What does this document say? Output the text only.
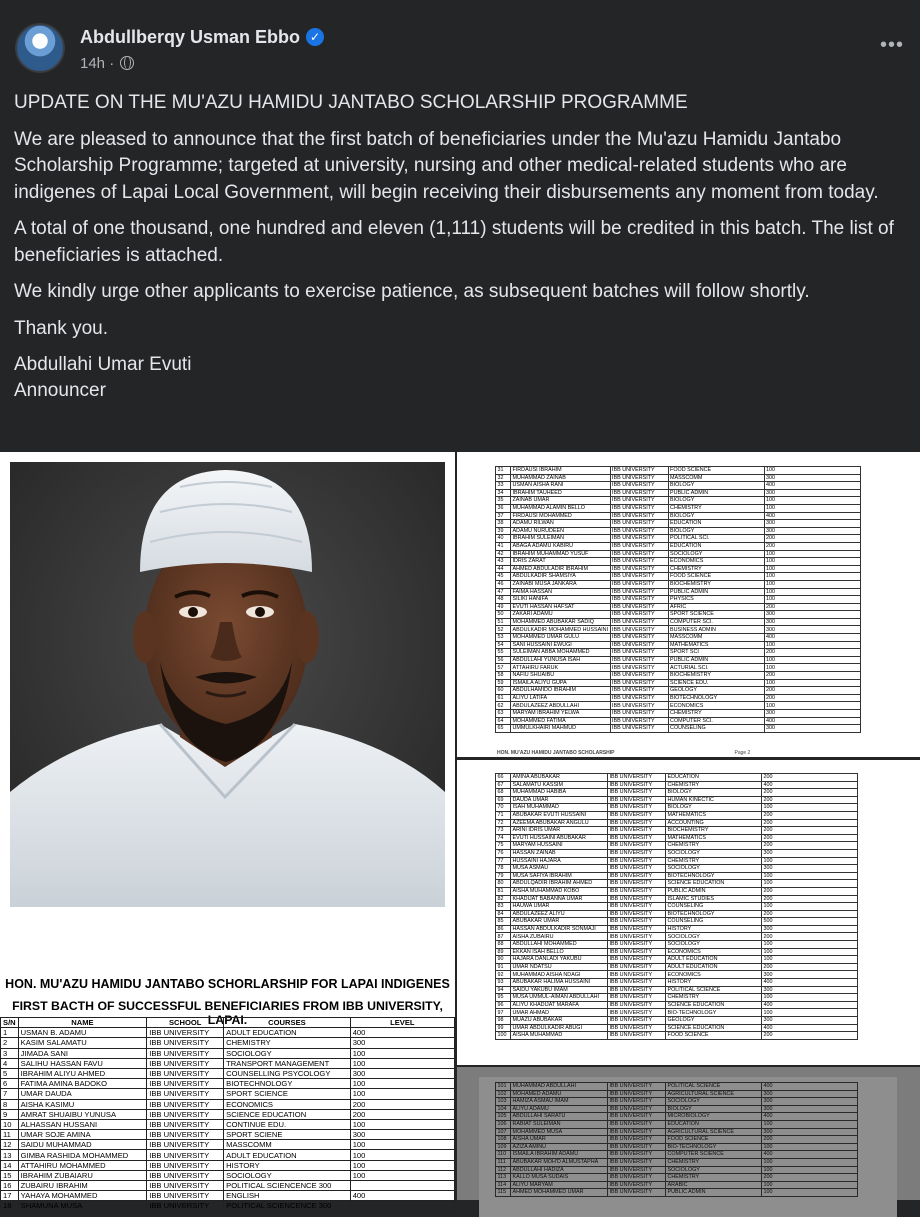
Abdullberqy Usman Ebbo ✓
14h ·
•••

UPDATE ON THE MU'AZU HAMIDU JANTABO SCHOLARSHIP PROGRAMME

We are pleased to announce that the first batch of beneficiaries under the Mu'azu Hamidu Jantabo Scholarship Programme; targeted at university, nursing and other medical-related students who are indigenes of Lapai Local Government, will begin receiving their disbursements any moment from today.

A total of one thousand, one hundred and eleven (1,111) students will be credited in this batch. The list of beneficiaries is attached.

We kindly urge other applicants to exercise patience, as subsequent batches will follow shortly.

Thank you.

Abdullahi Umar Evuti

Announcer

HON. MU'AZU HAMIDU JANTABO SCHORLARSHIP FOR LAPAI INDIGENES
FIRST BACTH OF SUCCESSFUL BENEFICIARIES FROM IBB UNIVERSITY, LAPAI.
S/N	NAME	SCHOOL	COURSES	LEVEL
1	USMAN B. ADAMU	IBB UNIVERSITY	ADULT EDUCATION	400
2	KASIM SALAMATU	IBB UNIVERSITY	CHEMISTRY	300
3	JIMADA SANI	IBB UNIVERSITY	SOCIOLOGY	100
4	SALIHU HASSAN FAVU	IBB UNIVERSITY	TRANSPORT MANAGEMENT	100
5	IBRAHIM ALIYU AHMED	IBB UNIVERSITY	COUNSELLING PSYCOLOGY	300
6	FATIMA AMINA BADOKO	IBB UNIVERSITY	BIOTECHNOLOGY	100
7	UMAR DAUDA	IBB UNIVERSITY	SPORT SCIENCE	100
8	AISHA KASIMU	IBB UNIVERSITY	ECONOMICS	200
9	AMRAT SHUAIBU YUNUSA	IBB UNIVERSITY	SCIENCE EDUCATION	200
10	ALHASSAN HUSSANI	IBB UNIVERSITY	CONTINUE EDU.	100
11	UMAR SOJE AMINA	IBB UNIVERSITY	SPORT SCIENE	300
12	SAIDU MUHAMMAD	IBB UNIVERSITY	MASSCOMM	100
13	GIMBA RASHIDA MOHAMMED	IBB UNIVERSITY	ADULT EDUCATION	100
14	ATTAHIRU MOHAMMED	IBB UNIVERSITY	HISTORY	100
15	IBRAHIM ZUBAIARU	IBB UNIVERSITY	SOCIOLOGY	100
16	ZUBAIRU IBRAHIM	IBB UNIVERSITY	POLITICAL SCIENCENCE 300	
17	YAHAYA MOHAMMED	IBB UNIVERSITY	ENGLISH	400
18	SHAMUNA MUSA	IBB UNIVERSITY	POLITICAL SCIENCENCE 300	
31	FIRDAUSI IBRAHIM	IBB UNIVERSITY	FOOD SCIENCE	100
32	MUHAMMAD ZAINAB	IBB UNIVERSITY	MASSCOMM	300
33	USMAN AISHA RANI	IBB UNIVERSITY	BIOLOGY	400
34	IBRAHIM TAUHEED	IBB UNIVERSITY	PUBLIC ADMIN	300
35	ZAINAB UMAR	IBB UNIVERSITY	BIOLOGY	100
36	MUHAMMAD ALAMIN BELLO	IBB UNIVERSITY	CHEMISTRY	100
37	FIRDAUSI MOHAMMED	IBB UNIVERSITY	BIOLOGY	400
38	ADAMU RILWAN	IBB UNIVERSITY	EDUCATION	300
39	ADAMU NURUDEEN	IBB UNIVERSITY	BIOLOGY	300
40	IBRAHIM SULEIMAN	IBB UNIVERSITY	POLITICAL SCI.	200
41	ABAGA ADAMU KABIRU	IBB UNIVERSITY	EDUCATION	200
42	IBRAHIM MUHAMMAD YUSUF	IBB UNIVERSITY	SOCIOLOGY	100
43	IDRIS ZARAT	IBB UNIVERSITY	ECONOMICS	100
44	AHMED ABDULADIR IBRAHIM	IBB UNIVERSITY	CHEMISTRY	100
45	ABDULKADIR SHAMSIYA	IBB UNIVERSITY	FOOD SCIENCE	100
46	ZAINABI MUSA JANKARA	IBB UNIVERSITY	BIOCHEMISTRY	100
47	FAIMA HASSAN	IBB UNIVERSITY	PUBLIC ADMIN	100
48	SILIKI HANIFA	IBB UNIVERSITY	PHYSICS	100
49	EVUTI HASSAN HAFSAT	IBB UNIVERSITY	AFRIC	200
50	ZAKARI ADAMU	IBB UNIVERSITY	SPORT SCIENCE	300
51	MOHAMMED ABUBAKAR SADIQ	IBB UNIVERSITY	COMPUTER SCI.	300
52	ABDULKADIR MOHAMMED HUSSAINI	IBB UNIVERSITY	BUSINESS ADMIN	300
53	MOHAMMED UMAR GULU	IBB UNIVERSITY	MASSCOMM	400
54	SANI HUSSAINI EWUGI	IBB UNIVERSITY	MATHEMATICS	100
55	SULEIMAN ABBA MOHAMMED	IBB UNIVERSITY	SPORT SCI	200
56	ABDULLAHI YUNUSA ISAH	IBB UNIVERSITY	PUBLIC ADMIN	100
57	ATTAHIRU FARUK	IBB UNIVERSITY	ACTURIAL SCI.	100
58	NAFIU SHUAIBU	IBB UNIVERSITY	BIOCHEMISTRY	200
59	ISMAILA ALIYU GUPA	IBB UNIVERSITY	SCIENCE EDU.	100
60	ABDULHAMIDO IBRAHIM	IBB UNIVERSITY	GEOLOGY	200
61	ALIYU LATIFA	IBB UNIVERSITY	BIOTECHNOLOGY	200
62	ABDULAZEEZ ABDULLAHI	IBB UNIVERSITY	ECONOMICS	100
63	MARYAM IBRAHIM YELWA	IBB UNIVERSITY	CHEMISTRY	300
64	MOHAMMED FATIMA	IBB UNIVERSITY	COMPUTER SCI.	400
65	UMMULKHAIRI MAHMUD	IBB UNIVERSITY	COUNSELING	300
HON. MU'AZU HAMIDU JANTABO SCHOLARSHIP	Page 2
66	AMINA ABUBAKAR	IBB UNIVERSITY	EDUCATION	200
67	SALAMATU KASSIM	IBB UNIVERSITY	CHEMISTRY	400
68	MUHAMMAD HABIBA	IBB UNIVERSITY	BIOLOGY	200
69	DAUDA UMAR	IBB UNIVERSITY	HUMAN KINECTIC	200
70	ISAH MUHAMMAD	IBB UNIVERSITY	BIOLOGY	100
71	ABUBAKAR EVUTI HUSSAINI	IBB UNIVERSITY	MATHEMATICS	200
72	AZEEMA ABUBAKAR ANGULU	IBB UNIVERSITY	ACCOUNTING	200
73	ARINI IDRIS UMAR	IBB UNIVERSITY	BIOCHEMISTRY	200
74	EVUTI HUSSAINI ABUBAKAR	IBB UNIVERSITY	MATHEMATICS	200
75	MARYAM HUSSAINI	IBB UNIVERSITY	CHEMISTRY	200
76	HASSAN ZAINAB	IBB UNIVERSITY	SOCIOLOGY	300
77	HUSSAINI HAJARA	IBB UNIVERSITY	CHEMISTRY	100
78	MUSA ASMAU	IBB UNIVERSITY	SOCIOLOGY	300
79	MUSA SAFIYA IBRAHIM	IBB UNIVERSITY	BIOTECHNOLOGY	100
80	ABDULQADIR IBRAHIM AHMED	IBB UNIVERSITY	SCIENCE EDUCATION	100
81	AISHA MUHAMMAD KOBO	IBB UNIVERSITY	PUBLIC ADMIN	200
82	KHADIJAT BABANNA UMAR	IBB UNIVERSITY	ISLAMIC STUDIES	200
83	HAUWA UMAR	IBB UNIVERSITY	COUNSELING	100
84	ABDULAZEEZ ALIYU	IBB UNIVERSITY	BIOTECHNOLOGY	200
85	ABUBAKAR UMAR	IBB UNIVERSITY	COUNSELING	500
86	HASSAN ABDULKADIR SONMAJI	IBB UNIVERSITY	HISTORY	300
87	AISHA ZUBAIRU	IBB UNIVERSITY	SOCIOLOGY	200
88	ABDULLAHI MOHAMMED	IBB UNIVERSITY	SOCIOLOGY	100
89	EKKAN ISAH BELLO	IBB UNIVERSITY	ECONOMICS	100
90	HAJARA DANLADI YAKUBU	IBB UNIVERSITY	ADULT EDUCATION	100
91	UMAR NDATSU	IBB UNIVERSITY	ADULT EDUCATION	200
92	MUHAMMAD AISHA NDAGI	IBB UNIVERSITY	ECONOMICS	300
93	ABUBAKAR HALIMA HUSSAINI	IBB UNIVERSITY	HISTORY	400
94	SAIDU YAKUBU IMAM	IBB UNIVERSITY	POLITICAL SCIENCE	300
95	MUSA UMMUL-AIMAN ABDULLAHI	IBB UNIVERSITY	CHEMISTRY	100
96	ALIYU KHADIJAT MARAFA	IBB UNIVERSITY	SCIENCE EDUCATION	400
97	UMAR AHMAD	IBB UNIVERSITY	BIO-TECHNOLOGY	100
98	MUAZU ABUBAKAR	IBB UNIVERSITY	GEOLOGY	300
99	UMAR ABDULKADIR ABUGI	IBB UNIVERSITY	SCIENCE EDUCATION	400
100	AISHA MUHAMMAD	IBB UNIVERSITY	FOOD SCIENCE	200
101	MUHAMMAD ABDULLAHI	IBB UNIVERSITY	POLITICAL SCIENCE	400
102	MOHAMED ADAMU	IBB UNIVERSITY	AGRICULTURAL SCIENCE	300
103	HAMIZA ASMAU IMAM	IBB UNIVERSITY	SOCIOLOGY	300
104	ALIYU ADAMU	IBB UNIVERSITY	BIOLOGY	300
105	ABDULLAHI SARATU	IBB UNIVERSITY	MICROBIOLOGY	400
106	RABIAT SULEIMAN	IBB UNIVERSITY	EDUCATION	100
107	MOHAMMED MUSA	IBB UNIVERSITY	AGRICULTURAL SCIENCE	300
108	AISHA UMAR	IBB UNIVERSITY	FOOD SCIENCE	200
109	AZIZA AMINU	IBB UNIVERSITY	BIO-TECHNOLOGY	100
110	ISMAILA IBRAHIM ADAMU	IBB UNIVERSITY	COMPUTER SCIENCE	400
111	ABUBAKAR MOH'D ALMUSTAPHA	IBB UNIVERSITY	CHEMISTRY	100
112	ABDULLAHI HADIZA	IBB UNIVERSITY	SOCIOLOGY	100
113	KALLO MUSA SUDAIS	IBB UNIVERSITY	CHEMISTRY	200
114	ALIYU MARYAM	IBB UNIVERSITY	ARABIC	100
115	AHMED MOHAMMED UMAR	IBB UNIVERSITY	PUBLIC ADMIN	100
